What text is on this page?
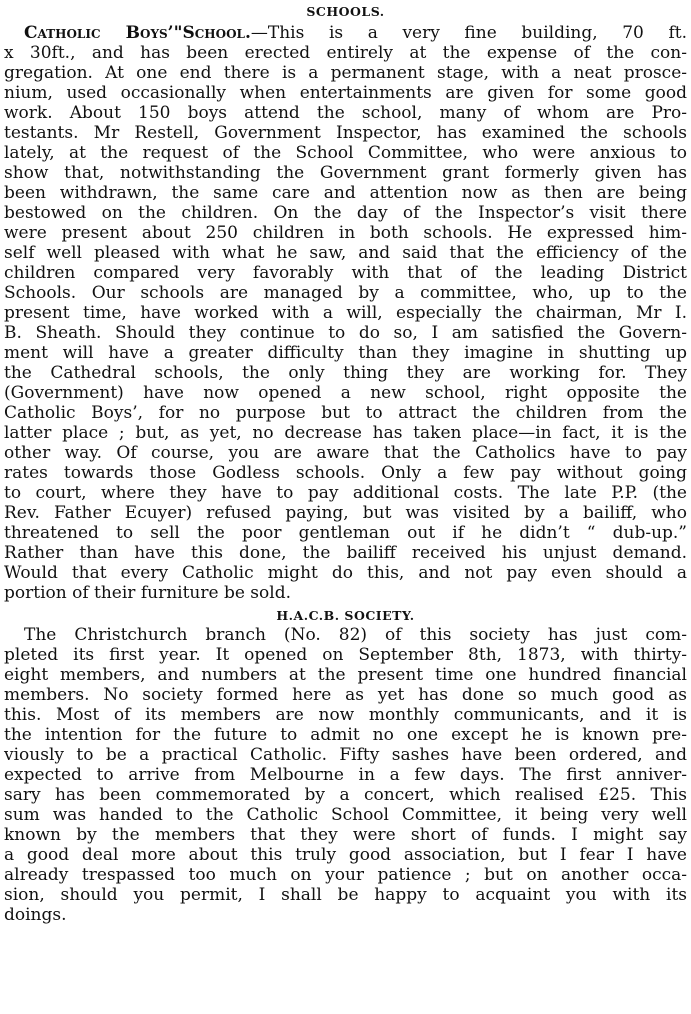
SCHOOLS.
Catholic Boys’"School.—This is a very fine building, 70 ft.
x 30ft., and has been erected entirely at the expense of the con-
gregation. At one end there is a permanent stage, with a neat prosce-
nium, used occasionally when entertainments are given for some good
work. About 150 boys attend the school, many of whom are Pro-
testants. Mr Restell, Government Inspector, has examined the schools
lately, at the request of the School Committee, who were anxious to
show that, notwithstanding the Government grant formerly given has
been withdrawn, the same care and attention now as then are being
bestowed on the children. On the day of the Inspector’s visit there
were present about 250 children in both schools. He expressed him-
self well pleased with what he saw, and said that the efficiency of the
children compared very favorably with that of the leading District
Schools. Our schools are managed by a committee, who, up to the
present time, have worked with a will, especially the chairman, Mr I.
B. Sheath. Should they continue to do so, I am satisfied the Govern-
ment will have a greater difficulty than they imagine in shutting up
the Cathedral schools, the only thing they are working for. They
(Government) have now opened a new school, right opposite the
Catholic Boys’, for no purpose but to attract the children from the
latter place ; but, as yet, no decrease has taken place—in fact, it is the
other way. Of course, you are aware that the Catholics have to pay
rates towards those Godless schools. Only a few pay without going
to court, where they have to pay additional costs. The late P.P. (the
Rev. Father Ecuyer) refused paying, but was visited by a bailiff, who
threatened to sell the poor gentleman out if he didn’t “ dub-up.”
Rather than have this done, the bailiff received his unjust demand.
Would that every Catholic might do this, and not pay even should a
portion of their furniture be sold.
H.A.C.B. SOCIETY.
The Christchurch branch (No. 82) of this society has just com-
pleted its first year. It opened on September 8th, 1873, with thirty-
eight members, and numbers at the present time one hundred financial
members. No society formed here as yet has done so much good as
this. Most of its members are now monthly communicants, and it is
the intention for the future to admit no one except he is known pre-
viously to be a practical Catholic. Fifty sashes have been ordered, and
expected to arrive from Melbourne in a few days. The first anniver-
sary has been commemorated by a concert, which realised £25. This
sum was handed to the Catholic School Committee, it being very well
known by the members that they were short of funds. I might say
a good deal more about this truly good association, but I fear I have
already trespassed too much on your patience ; but on another occa-
sion, should you permit, I shall be happy to acquaint you with its
doings.
